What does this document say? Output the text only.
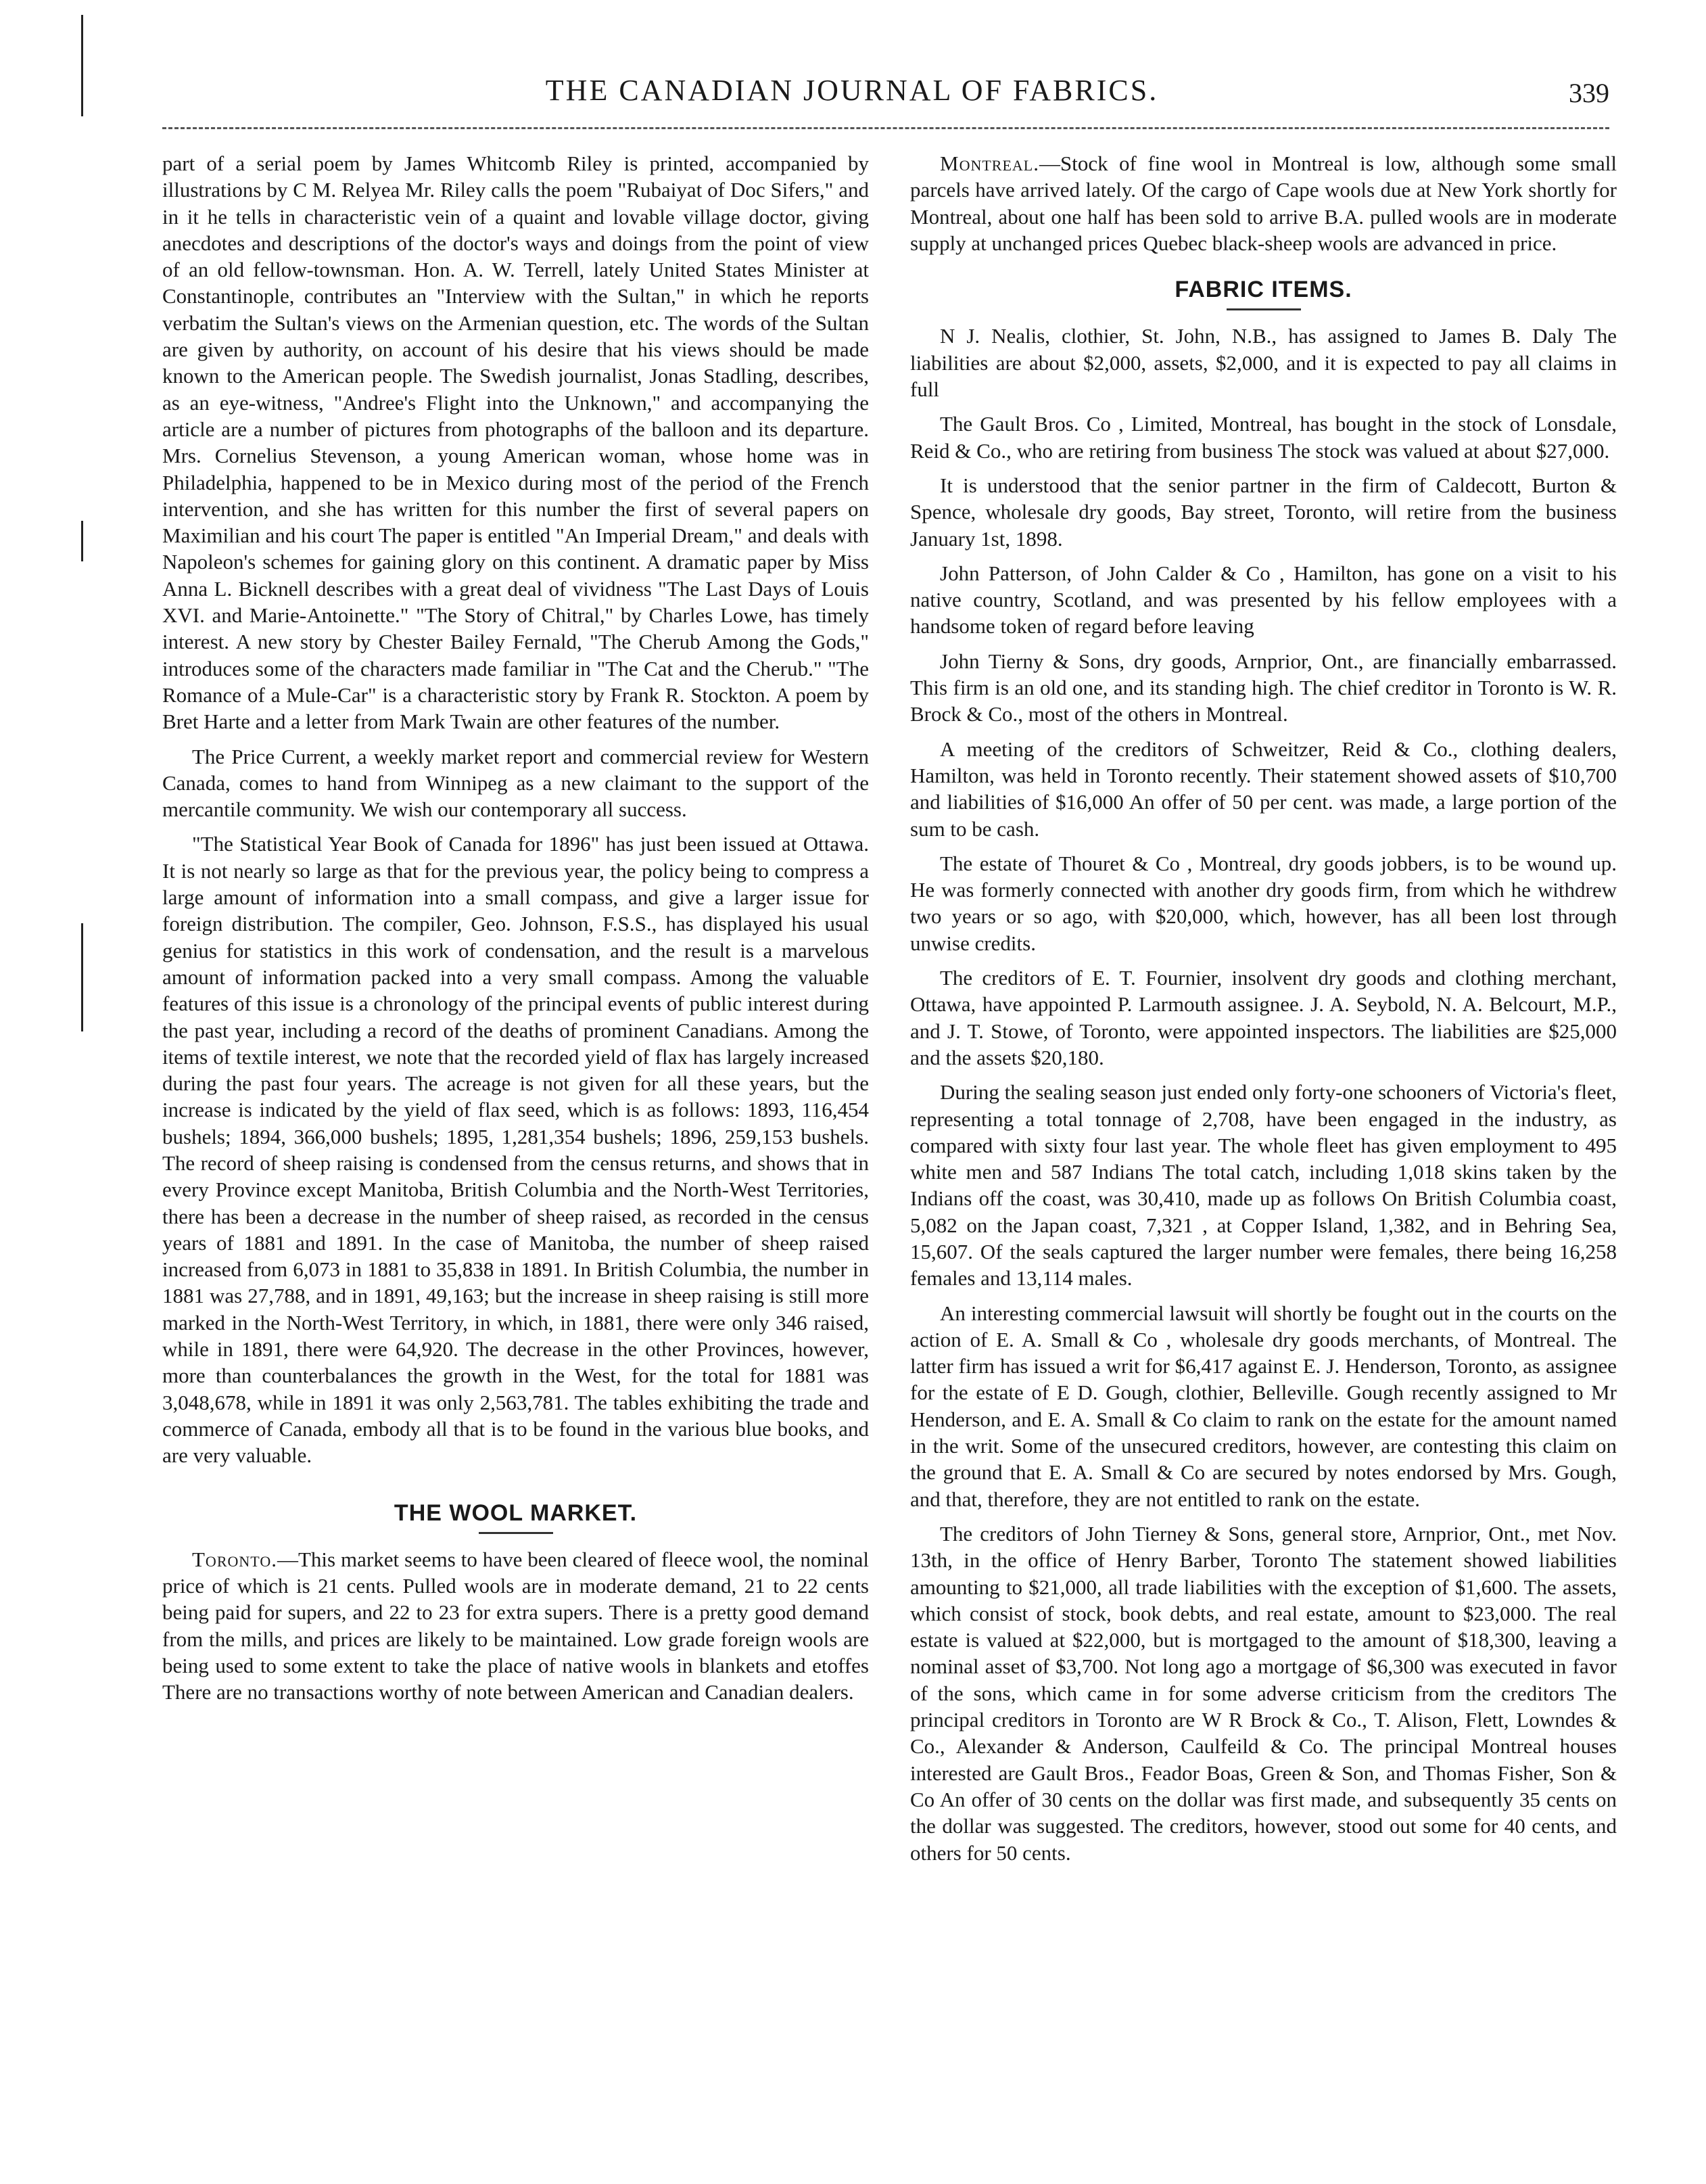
THE CANADIAN JOURNAL OF FABRICS.	339

part of a serial poem by James Whitcomb Riley is printed, accompanied by illustrations by C M. Relyea Mr. Riley calls the poem "Rubaiyat of Doc Sifers," and in it he tells in characteristic vein of a quaint and lovable village doctor, giving anecdotes and descriptions of the doctor's ways and doings from the point of view of an old fellow-townsman. Hon. A. W. Terrell, lately United States Minister at Constantinople, contributes an "Interview with the Sultan," in which he reports verbatim the Sultan's views on the Armenian question, etc. The words of the Sultan are given by authority, on account of his desire that his views should be made known to the American people. The Swedish journalist, Jonas Stadling, describes, as an eye-witness, "Andree's Flight into the Unknown," and accompanying the article are a number of pictures from photographs of the balloon and its departure. Mrs. Cornelius Stevenson, a young American woman, whose home was in Philadelphia, happened to be in Mexico during most of the period of the French intervention, and she has written for this number the first of several papers on Maximilian and his court The paper is entitled "An Imperial Dream," and deals with Napoleon's schemes for gaining glory on this continent. A dramatic paper by Miss Anna L. Bicknell describes with a great deal of vividness "The Last Days of Louis XVI. and Marie-Antoinette." "The Story of Chitral," by Charles Lowe, has timely interest. A new story by Chester Bailey Fernald, "The Cherub Among the Gods," introduces some of the characters made familiar in "The Cat and the Cherub." "The Romance of a Mule-Car" is a characteristic story by Frank R. Stockton. A poem by Bret Harte and a letter from Mark Twain are other features of the number.

The Price Current, a weekly market report and commercial review for Western Canada, comes to hand from Winnipeg as a new claimant to the support of the mercantile community. We wish our contemporary all success.

"The Statistical Year Book of Canada for 1896" has just been issued at Ottawa. It is not nearly so large as that for the previous year, the policy being to compress a large amount of information into a small compass, and give a larger issue for foreign distribution. The compiler, Geo. Johnson, F.S.S., has displayed his usual genius for statistics in this work of condensation, and the result is a marvelous amount of information packed into a very small compass. Among the valuable features of this issue is a chronology of the principal events of public interest during the past year, including a record of the deaths of prominent Canadians. Among the items of textile interest, we note that the recorded yield of flax has largely increased during the past four years. The acreage is not given for all these years, but the increase is indicated by the yield of flax seed, which is as follows: 1893, 116,454 bushels; 1894, 366,000 bushels; 1895, 1,281,354 bushels; 1896, 259,153 bushels. The record of sheep raising is condensed from the census returns, and shows that in every Province except Manitoba, British Columbia and the North-West Territories, there has been a decrease in the number of sheep raised, as recorded in the census years of 1881 and 1891. In the case of Manitoba, the number of sheep raised increased from 6,073 in 1881 to 35,838 in 1891. In British Columbia, the number in 1881 was 27,788, and in 1891, 49,163; but the increase in sheep raising is still more marked in the North-West Territory, in which, in 1881, there were only 346 raised, while in 1891, there were 64,920. The decrease in the other Provinces, however, more than counterbalances the growth in the West, for the total for 1881 was 3,048,678, while in 1891 it was only 2,563,781. The tables exhibiting the trade and commerce of Canada, embody all that is to be found in the various blue books, and are very valuable.

THE WOOL MARKET.

Toronto.—This market seems to have been cleared of fleece wool, the nominal price of which is 21 cents. Pulled wools are in moderate demand, 21 to 22 cents being paid for supers, and 22 to 23 for extra supers. There is a pretty good demand from the mills, and prices are likely to be maintained. Low grade foreign wools are being used to some extent to take the place of native wools in blankets and etoffes There are no transactions worthy of note between American and Canadian dealers.

Montreal.—Stock of fine wool in Montreal is low, although some small parcels have arrived lately. Of the cargo of Cape wools due at New York shortly for Montreal, about one half has been sold to arrive B.A. pulled wools are in moderate supply at unchanged prices Quebec black-sheep wools are advanced in price.

FABRIC ITEMS.

N J. Nealis, clothier, St. John, N.B., has assigned to James B. Daly The liabilities are about $2,000, assets, $2,000, and it is expected to pay all claims in full

The Gault Bros. Co , Limited, Montreal, has bought in the stock of Lonsdale, Reid & Co., who are retiring from business The stock was valued at about $27,000.

It is understood that the senior partner in the firm of Caldecott, Burton & Spence, wholesale dry goods, Bay street, Toronto, will retire from the business January 1st, 1898.

John Patterson, of John Calder & Co , Hamilton, has gone on a visit to his native country, Scotland, and was presented by his fellow employees with a handsome token of regard before leaving

John Tierny & Sons, dry goods, Arnprior, Ont., are financially embarrassed. This firm is an old one, and its standing high. The chief creditor in Toronto is W. R. Brock & Co., most of the others in Montreal.

A meeting of the creditors of Schweitzer, Reid & Co., clothing dealers, Hamilton, was held in Toronto recently. Their statement showed assets of $10,700 and liabilities of $16,000 An offer of 50 per cent. was made, a large portion of the sum to be cash.

The estate of Thouret & Co , Montreal, dry goods jobbers, is to be wound up. He was formerly connected with another dry goods firm, from which he withdrew two years or so ago, with $20,000, which, however, has all been lost through unwise credits.

The creditors of E. T. Fournier, insolvent dry goods and clothing merchant, Ottawa, have appointed P. Larmouth assignee. J. A. Seybold, N. A. Belcourt, M.P., and J. T. Stowe, of Toronto, were appointed inspectors. The liabilities are $25,000 and the assets $20,180.

During the sealing season just ended only forty-one schooners of Victoria's fleet, representing a total tonnage of 2,708, have been engaged in the industry, as compared with sixty four last year. The whole fleet has given employment to 495 white men and 587 Indians The total catch, including 1,018 skins taken by the Indians off the coast, was 30,410, made up as follows On British Columbia coast, 5,082 on the Japan coast, 7,321 , at Copper Island, 1,382, and in Behring Sea, 15,607. Of the seals captured the larger number were females, there being 16,258 females and 13,114 males.

An interesting commercial lawsuit will shortly be fought out in the courts on the action of E. A. Small & Co , wholesale dry goods merchants, of Montreal. The latter firm has issued a writ for $6,417 against E. J. Henderson, Toronto, as assignee for the estate of E D. Gough, clothier, Belleville. Gough recently assigned to Mr Henderson, and E. A. Small & Co claim to rank on the estate for the amount named in the writ. Some of the unsecured creditors, however, are contesting this claim on the ground that E. A. Small & Co are secured by notes endorsed by Mrs. Gough, and that, therefore, they are not entitled to rank on the estate.

The creditors of John Tierney & Sons, general store, Arnprior, Ont., met Nov. 13th, in the office of Henry Barber, Toronto The statement showed liabilities amounting to $21,000, all trade liabilities with the exception of $1,600. The assets, which consist of stock, book debts, and real estate, amount to $23,000. The real estate is valued at $22,000, but is mortgaged to the amount of $18,300, leaving a nominal asset of $3,700. Not long ago a mortgage of $6,300 was executed in favor of the sons, which came in for some adverse criticism from the creditors The principal creditors in Toronto are W R Brock & Co., T. Alison, Flett, Lowndes & Co., Alexander & Anderson, Caulfeild & Co. The principal Montreal houses interested are Gault Bros., Feador Boas, Green & Son, and Thomas Fisher, Son & Co An offer of 30 cents on the dollar was first made, and subsequently 35 cents on the dollar was suggested. The creditors, however, stood out some for 40 cents, and others for 50 cents.
